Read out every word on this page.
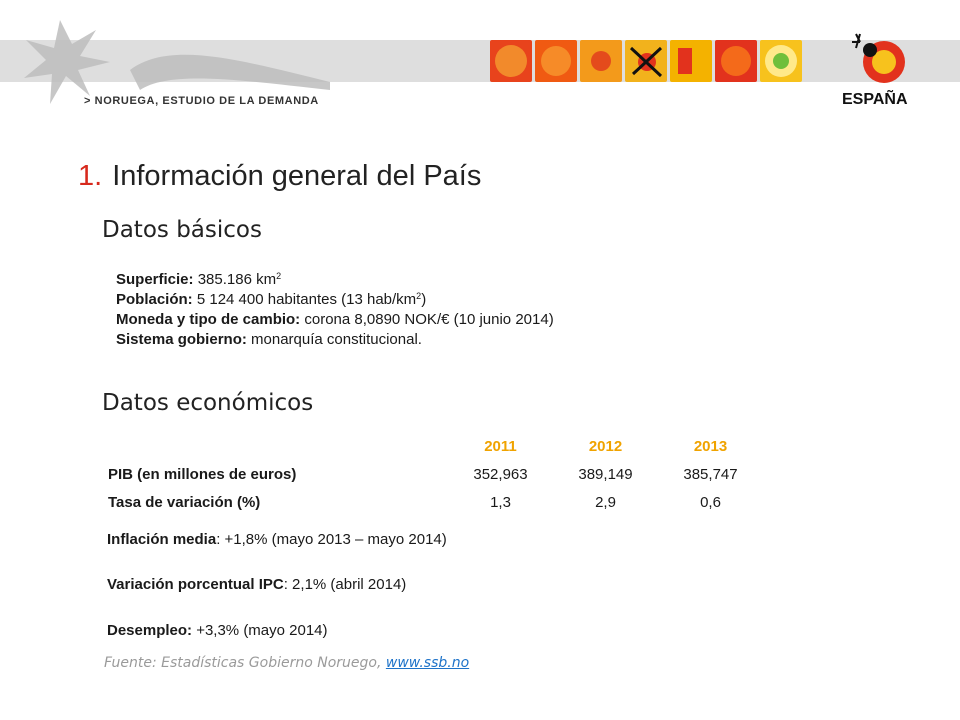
> NORUEGA, ESTUDIO DE LA DEMANDA	ESPAÑA
1. Información general del País
Datos básicos
Superficie: 385.186 $km^2$
Población: 5 124 400 habitantes (13 hab/$km^2$)
Moneda y tipo de cambio: corona 8,0890 NOK/€ (10 junio 2014)
Sistema gobierno: monarquía constitucional.
Datos económicos
	2011	2012	2013
PIB (en millones de euros)	352,963	389,149	385,747
Tasa de variación (%)	1,3	2,9	0,6
Inflación media: +1,8% (mayo 2013 – mayo 2014)
Variación porcentual IPC: 2,1% (abril 2014)
Desempleo: +3,3% (mayo 2014)
Fuente: Estadísticas Gobierno Noruego, www.ssb.no
